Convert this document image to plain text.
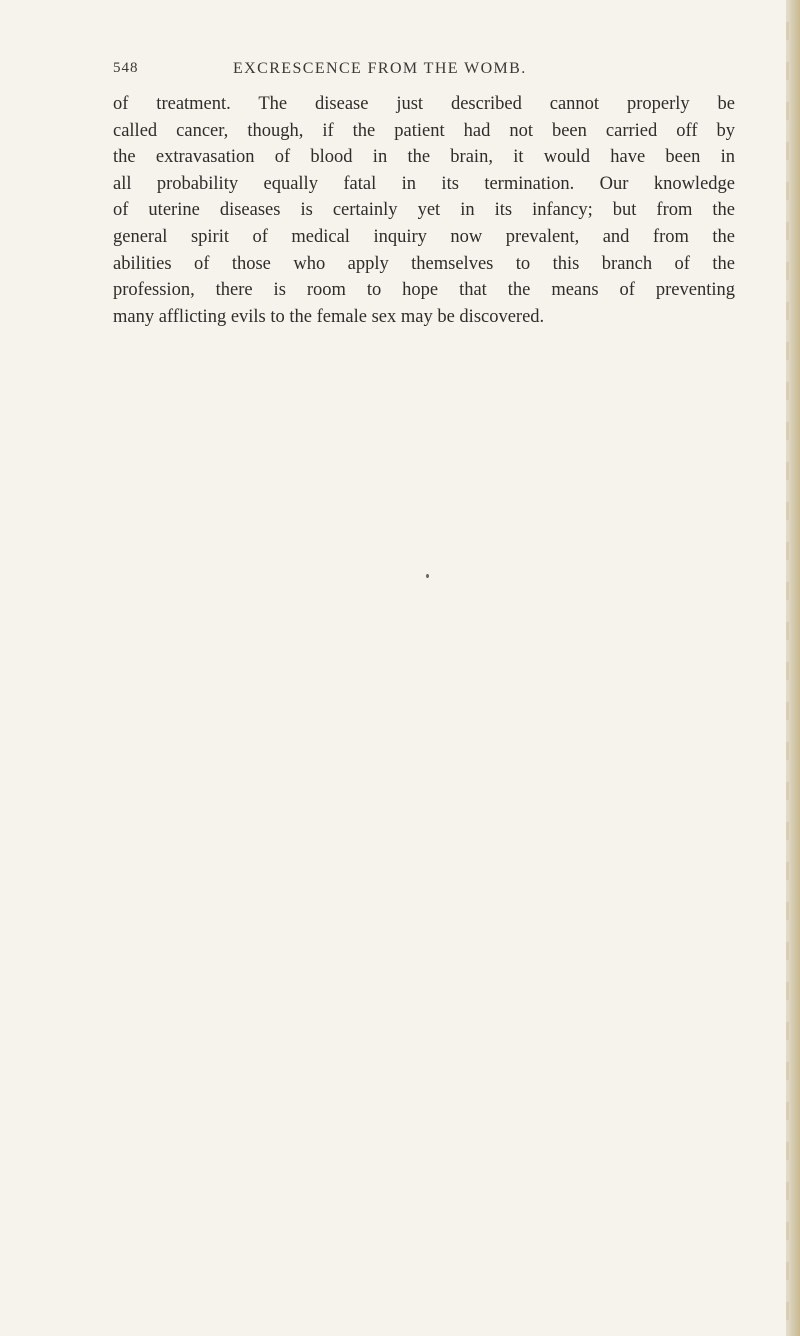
548	EXCRESCENCE FROM THE WOMB.
of treatment. The disease just described cannot properly be
called cancer, though, if the patient had not been carried off by
the extravasation of blood in the brain, it would have been in
all probability equally fatal in its termination. Our knowledge
of uterine diseases is certainly yet in its infancy; but from the
general spirit of medical inquiry now prevalent, and from the
abilities of those who apply themselves to this branch of the
profession, there is room to hope that the means of preventing
many afflicting evils to the female sex may be discovered.
